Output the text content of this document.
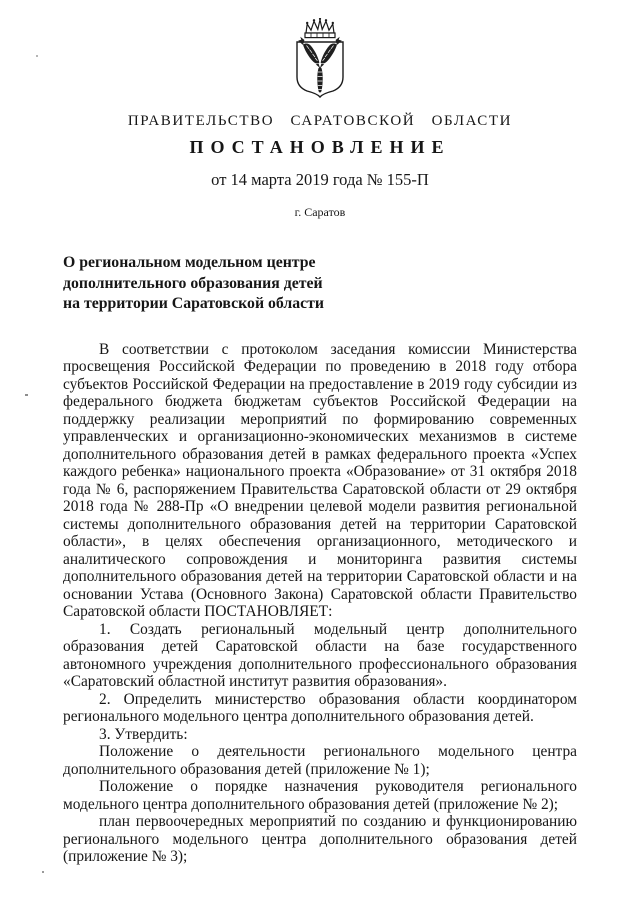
ПРАВИТЕЛЬСТВО САРАТОВСКОЙ ОБЛАСТИ
ПОСТАНОВЛЕНИЕ
от 14 марта 2019 года № 155-П
г. Саратов
О региональном модельном центре
дополнительного образования детей
на территории Саратовской области

В соответствии с протоколом заседания комиссии Министерства просвещения Российской Федерации по проведению в 2018 году отбора субъектов Российской Федерации на предоставление в 2019 году субсидии из федерального бюджета бюджетам субъектов Российской Федерации на поддержку реализации мероприятий по формированию современных управленческих и организационно-экономических механизмов в системе дополнительного образования детей в рамках федерального проекта «Успех каждого ребенка» национального проекта «Образование» от 31 октября 2018 года № 6, распоряжением Правительства Саратовской области от 29 октября 2018 года № 288-Пр «О внедрении целевой модели развития региональной системы дополнительного образования детей на территории Саратовской области», в целях обеспечения организационного, методического и аналитического сопровождения и мониторинга развития системы дополнительного образования детей на территории Саратовской области и на основании Устава (Основного Закона) Саратовской области Правительство Саратовской области ПОСТАНОВЛЯЕТ:

1. Создать региональный модельный центр дополнительного образования детей Саратовской области на базе государственного автономного учреждения дополнительного профессионального образования «Саратовский областной институт развития образования».

2. Определить министерство образования области координатором регионального модельного центра дополнительного образования детей.

3. Утвердить:

Положение о деятельности регионального модельного центра дополнительного образования детей (приложение № 1);

Положение о порядке назначения руководителя регионального модельного центра дополнительного образования детей (приложение № 2);

план первоочередных мероприятий по созданию и функционированию регионального модельного центра дополнительного образования детей (приложение № 3);
